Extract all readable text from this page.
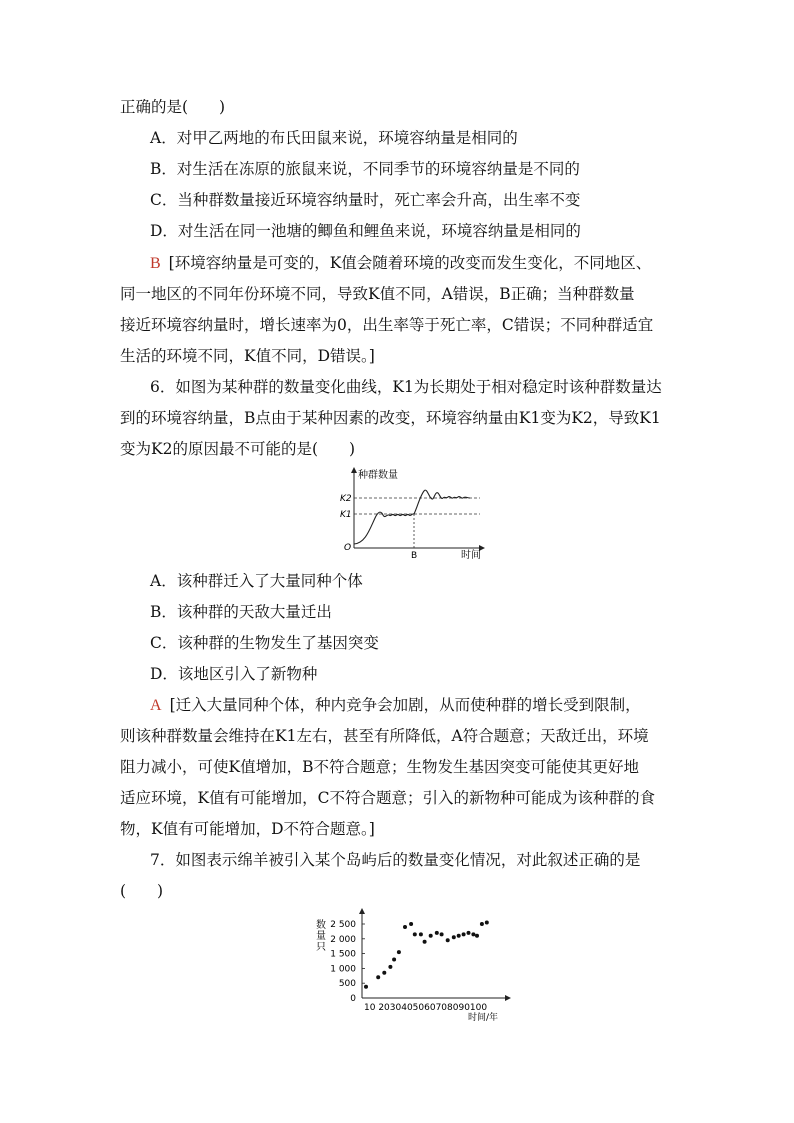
正确的是(　　)
A．对甲乙两地的布氏田鼠来说，环境容纳量是相同的
B．对生活在冻原的旅鼠来说，不同季节的环境容纳量是不同的
C．当种群数量接近环境容纳量时，死亡率会升高，出生率不变
D．对生活在同一池塘的鲫鱼和鲤鱼来说，环境容纳量是相同的
B [环境容纳量是可变的，K值会随着环境的改变而发生变化，不同地区、
同一地区的不同年份环境不同，导致K值不同，A错误，B正确；当种群数量
接近环境容纳量时，增长速率为0，出生率等于死亡率，C错误；不同种群适宜
生活的环境不同，K值不同，D错误。]
6．如图为某种群的数量变化曲线，K1为长期处于相对稳定时该种群数量达
到的环境容纳量，B点由于某种因素的改变，环境容纳量由K1变为K2，导致K1
变为K2的原因最不可能的是(　　)
种群数量
K2
K1
O
B	时间
A．该种群迁入了大量同种个体
B．该种群的天敌大量迁出
C．该种群的生物发生了基因突变
D．该地区引入了新物种
A [迁入大量同种个体，种内竞争会加剧，从而使种群的增长受到限制，
则该种群数量会维持在K1左右，甚至有所降低，A符合题意；天敌迁出，环境
阻力减小，可使K值增加，B不符合题意；生物发生基因突变可能使其更好地
适应环境，K值有可能增加，C不符合题意；引入的新物种可能成为该种群的食
物，K值有可能增加，D不符合题意。]
7．如图表示绵羊被引入某个岛屿后的数量变化情况，对此叙述正确的是
(　　)
数
量
只
2 500
2 000
1 500
1 000
500
0
10 2030405060708090100
时间/年
